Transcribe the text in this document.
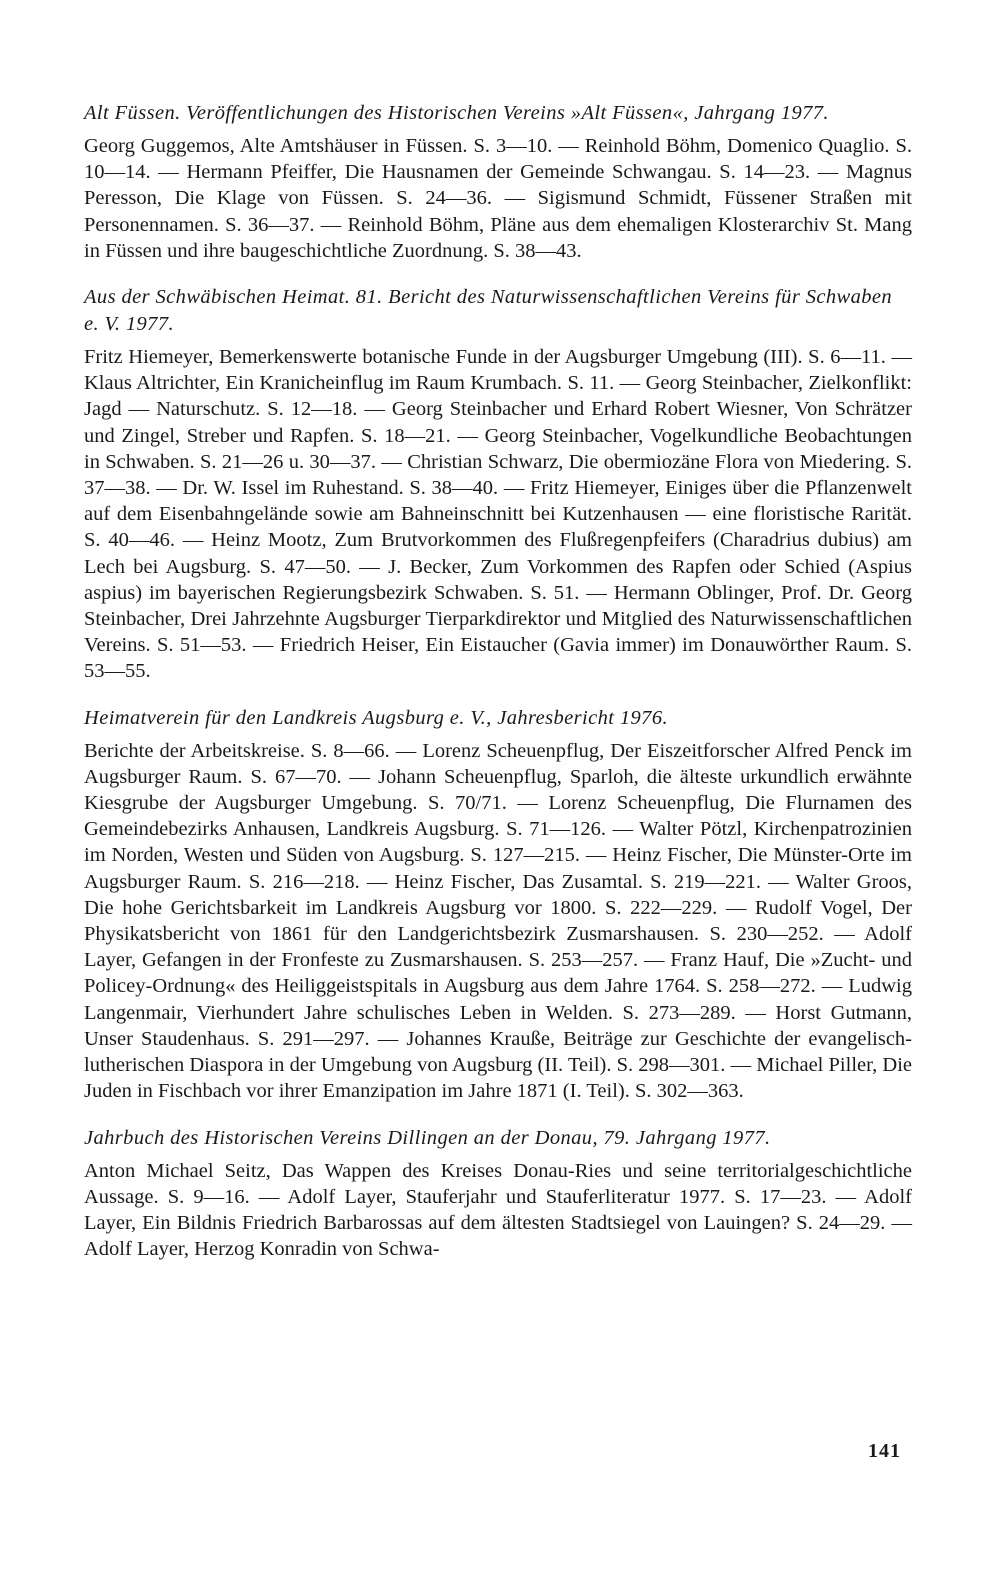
Alt Füssen. Veröffentlichungen des Historischen Vereins »Alt Füssen«, Jahrgang 1977.

Georg Guggemos, Alte Amtshäuser in Füssen. S. 3—10. — Reinhold Böhm, Domenico Quaglio. S. 10—14. — Hermann Pfeiffer, Die Hausnamen der Gemeinde Schwangau. S. 14—23. — Magnus Peresson, Die Klage von Füssen. S. 24—36. — Sigismund Schmidt, Füssener Straßen mit Personennamen. S. 36—37. — Reinhold Böhm, Pläne aus dem ehemaligen Klosterarchiv St. Mang in Füssen und ihre baugeschichtliche Zuordnung. S. 38—43.

Aus der Schwäbischen Heimat. 81. Bericht des Naturwissenschaftlichen Vereins für Schwaben e. V. 1977.

Fritz Hiemeyer, Bemerkenswerte botanische Funde in der Augsburger Umgebung (III). S. 6—11. — Klaus Altrichter, Ein Kranicheinflug im Raum Krumbach. S. 11. — Georg Steinbacher, Zielkonflikt: Jagd — Naturschutz. S. 12—18. — Georg Steinbacher und Erhard Robert Wiesner, Von Schrätzer und Zingel, Streber und Rapfen. S. 18—21. — Georg Steinbacher, Vogelkundliche Beobachtungen in Schwaben. S. 21—26 u. 30—37. — Christian Schwarz, Die obermiozäne Flora von Miedering. S. 37—38. — Dr. W. Issel im Ruhestand. S. 38—40. — Fritz Hiemeyer, Einiges über die Pflanzenwelt auf dem Eisenbahngelände sowie am Bahneinschnitt bei Kutzenhausen — eine floristische Rarität. S. 40—46. — Heinz Mootz, Zum Brutvorkommen des Flußregenpfeifers (Charadrius dubius) am Lech bei Augsburg. S. 47—50. — J. Becker, Zum Vorkommen des Rapfen oder Schied (Aspius aspius) im bayerischen Regierungsbezirk Schwaben. S. 51. — Hermann Oblinger, Prof. Dr. Georg Steinbacher, Drei Jahrzehnte Augsburger Tierparkdirektor und Mitglied des Naturwissenschaftlichen Vereins. S. 51—53. — Friedrich Heiser, Ein Eistaucher (Gavia immer) im Donauwörther Raum. S. 53—55.

Heimatverein für den Landkreis Augsburg e. V., Jahresbericht 1976.

Berichte der Arbeitskreise. S. 8—66. — Lorenz Scheuenpflug, Der Eiszeitforscher Alfred Penck im Augsburger Raum. S. 67—70. — Johann Scheuenpflug, Sparloh, die älteste urkundlich erwähnte Kiesgrube der Augsburger Umgebung. S. 70/71. — Lorenz Scheuenpflug, Die Flurnamen des Gemeindebezirks Anhausen, Landkreis Augsburg. S. 71—126. — Walter Pötzl, Kirchenpatrozinien im Norden, Westen und Süden von Augsburg. S. 127—215. — Heinz Fischer, Die Münster-Orte im Augsburger Raum. S. 216—218. — Heinz Fischer, Das Zusamtal. S. 219—221. — Walter Groos, Die hohe Gerichtsbarkeit im Landkreis Augsburg vor 1800. S. 222—229. — Rudolf Vogel, Der Physikatsbericht von 1861 für den Landgerichtsbezirk Zusmarshausen. S. 230—252. — Adolf Layer, Gefangen in der Fronfeste zu Zusmarshausen. S. 253—257. — Franz Hauf, Die »Zucht- und Policey-Ordnung« des Heiliggeistspitals in Augsburg aus dem Jahre 1764. S. 258—272. — Ludwig Langenmair, Vierhundert Jahre schulisches Leben in Welden. S. 273—289. — Horst Gutmann, Unser Staudenhaus. S. 291—297. — Johannes Krauße, Beiträge zur Geschichte der evangelisch-lutherischen Diaspora in der Umgebung von Augsburg (II. Teil). S. 298—301. — Michael Piller, Die Juden in Fischbach vor ihrer Emanzipation im Jahre 1871 (I. Teil). S. 302—363.

Jahrbuch des Historischen Vereins Dillingen an der Donau, 79. Jahrgang 1977.

Anton Michael Seitz, Das Wappen des Kreises Donau-Ries und seine territorialgeschichtliche Aussage. S. 9—16. — Adolf Layer, Stauferjahr und Stauferliteratur 1977. S. 17—23. — Adolf Layer, Ein Bildnis Friedrich Barbarossas auf dem ältesten Stadtsiegel von Lauingen? S. 24—29. — Adolf Layer, Herzog Konradin von Schwa-

141
